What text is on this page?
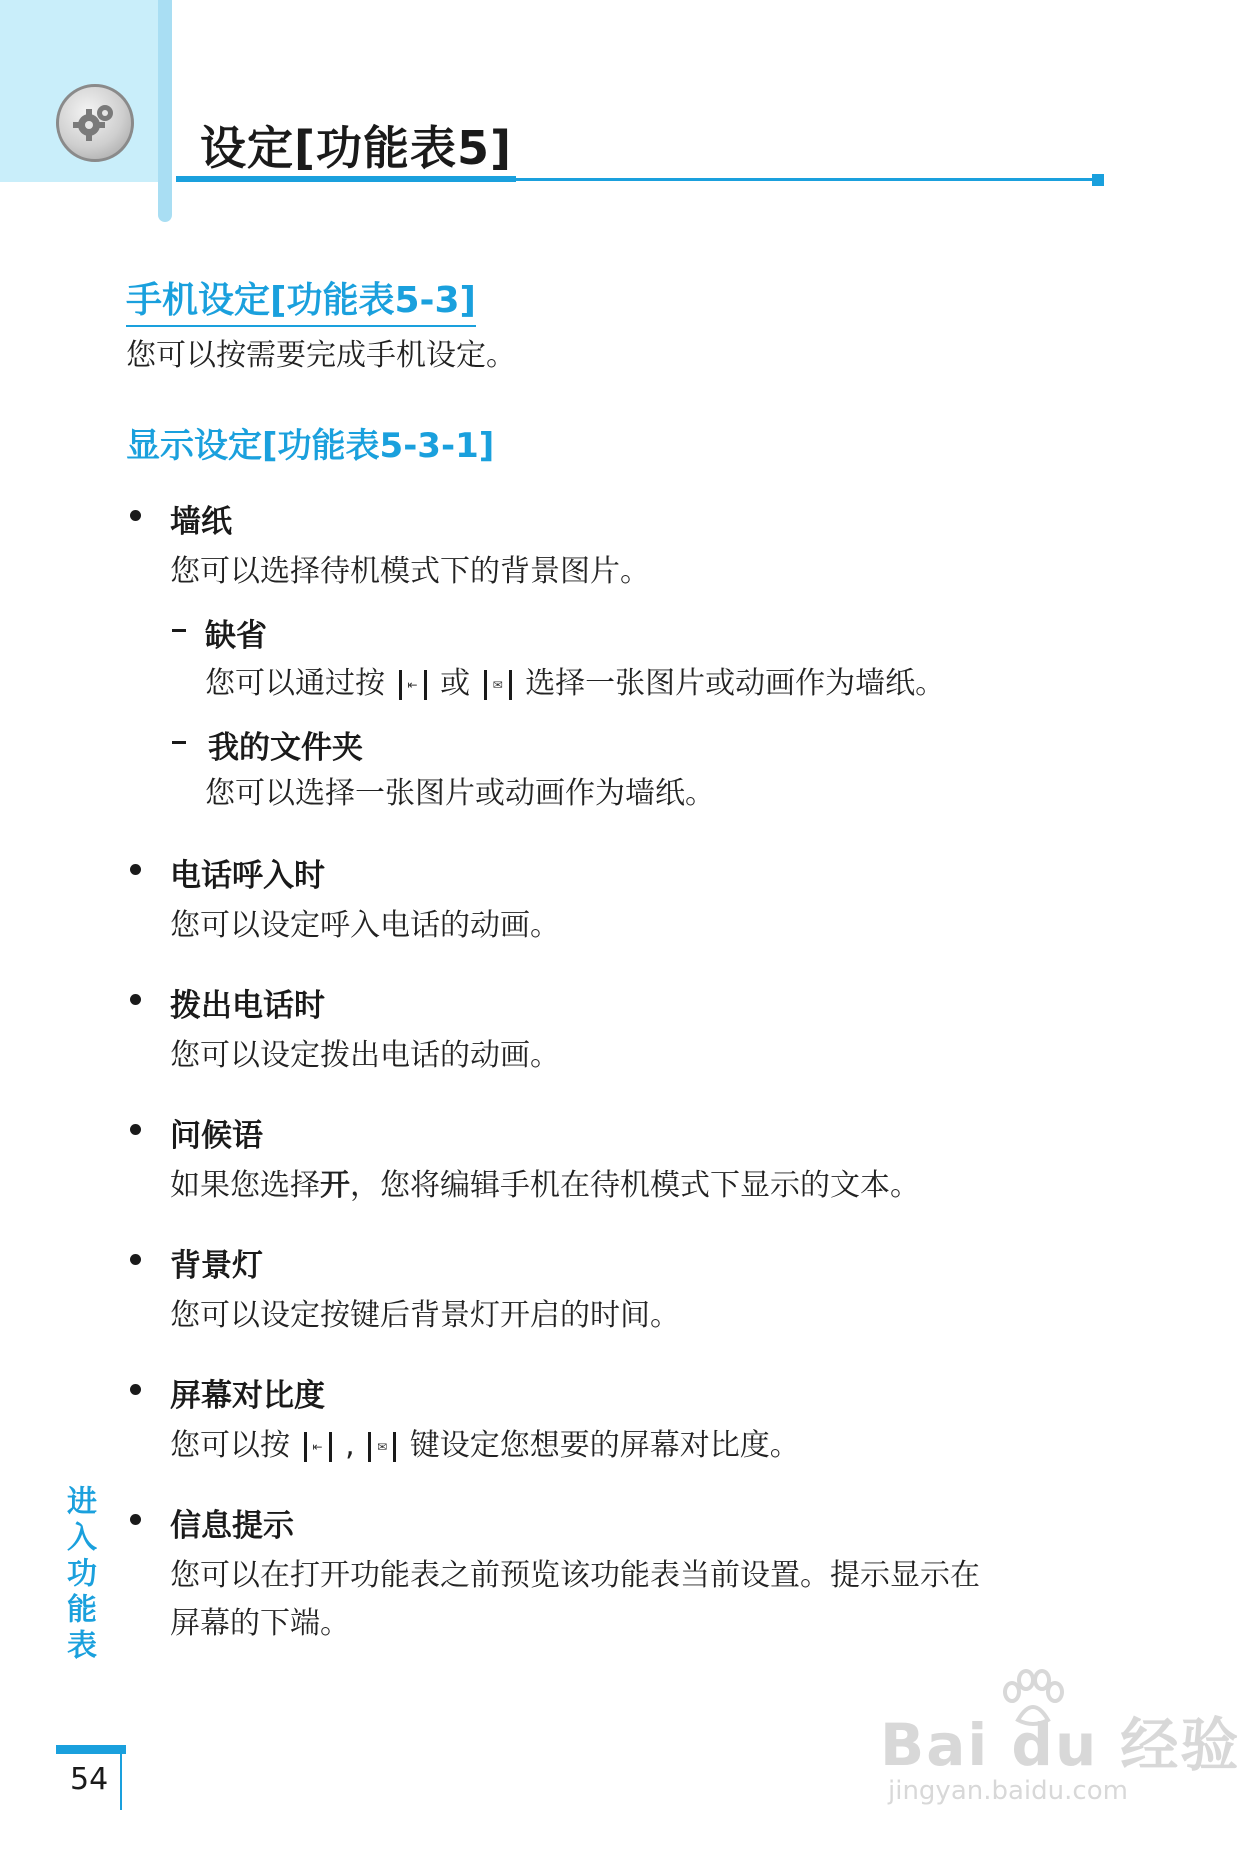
设定[功能表5]
手机设定[功能表5-3]
您可以按需要完成手机设定。
显示设定[功能表5-3-1]
墙纸
您可以选择待机模式下的背景图片。
缺省
您可以通过按 ⇤ 或 ✉ 选择一张图片或动画作为墙纸。
我的文件夹
您可以选择一张图片或动画作为墙纸。
电话呼入时
您可以设定呼入电话的动画。
拨出电话时
您可以设定拨出电话的动画。
问候语
如果您选择开，您将编辑手机在待机模式下显示的文本。
背景灯
您可以设定按键后背景灯开启的时间。
屏幕对比度
您可以按 ⇤ , ✉ 键设定您想要的屏幕对比度。
信息提示
您可以在打开功能表之前预览该功能表当前设置。提示显示在
屏幕的下端。
进入功能表
54
Bai du 经验
jingyan.baidu.com
